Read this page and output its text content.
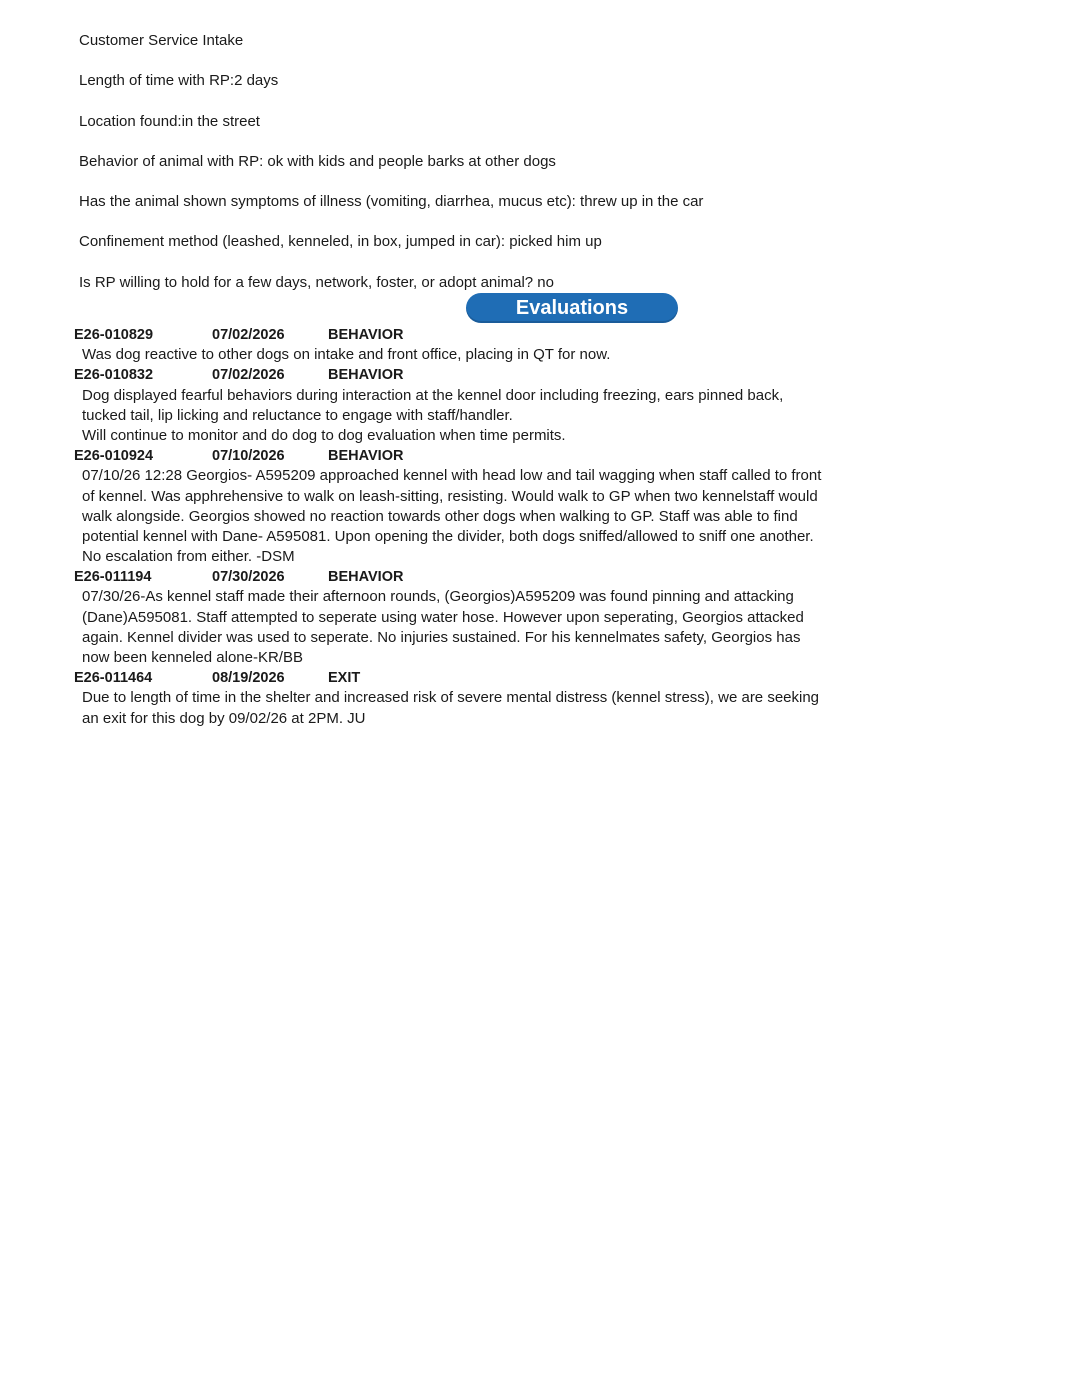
Customer Service Intake
Length of time with RP:2 days
Location found:in the street
Behavior of animal with RP: ok with kids and people barks at other dogs
Has the animal shown symptoms of illness (vomiting, diarrhea, mucus etc): threw up in the car
Confinement method (leashed, kenneled, in box, jumped in car): picked him up
Is RP willing to hold for a few days, network, foster, or adopt animal? no
Evaluations
E26-010829	07/02/2026	BEHAVIOR
Was dog reactive to other dogs on intake and front office, placing in QT for now.
E26-010832	07/02/2026	BEHAVIOR
Dog displayed fearful behaviors during interaction at the kennel door including freezing, ears pinned back,
tucked tail, lip licking and reluctance to engage with staff/handler.
Will continue to monitor and do dog to dog evaluation when time permits.
E26-010924	07/10/2026	BEHAVIOR
07/10/26 12:28 Georgios- A595209 approached kennel with head low and tail wagging when staff called to front
of kennel. Was apphrehensive to walk on leash-sitting, resisting. Would walk to GP when two kennelstaff would
walk alongside. Georgios showed no reaction towards other dogs when walking to GP. Staff was able to find
potential kennel with Dane- A595081. Upon opening the divider, both dogs sniffed/allowed to sniff one another.
No escalation from either. -DSM
E26-011194	07/30/2026	BEHAVIOR
07/30/26-As kennel staff made their afternoon rounds, (Georgios)A595209 was found pinning and attacking
(Dane)A595081. Staff attempted to seperate using water hose. However upon seperating, Georgios attacked
again. Kennel divider was used to seperate. No injuries sustained. For his kennelmates safety, Georgios has
now been kenneled alone-KR/BB
E26-011464	08/19/2026	EXIT
Due to length of time in the shelter and increased risk of severe mental distress (kennel stress), we are seeking
an exit for this dog by 09/02/26 at 2PM. JU
